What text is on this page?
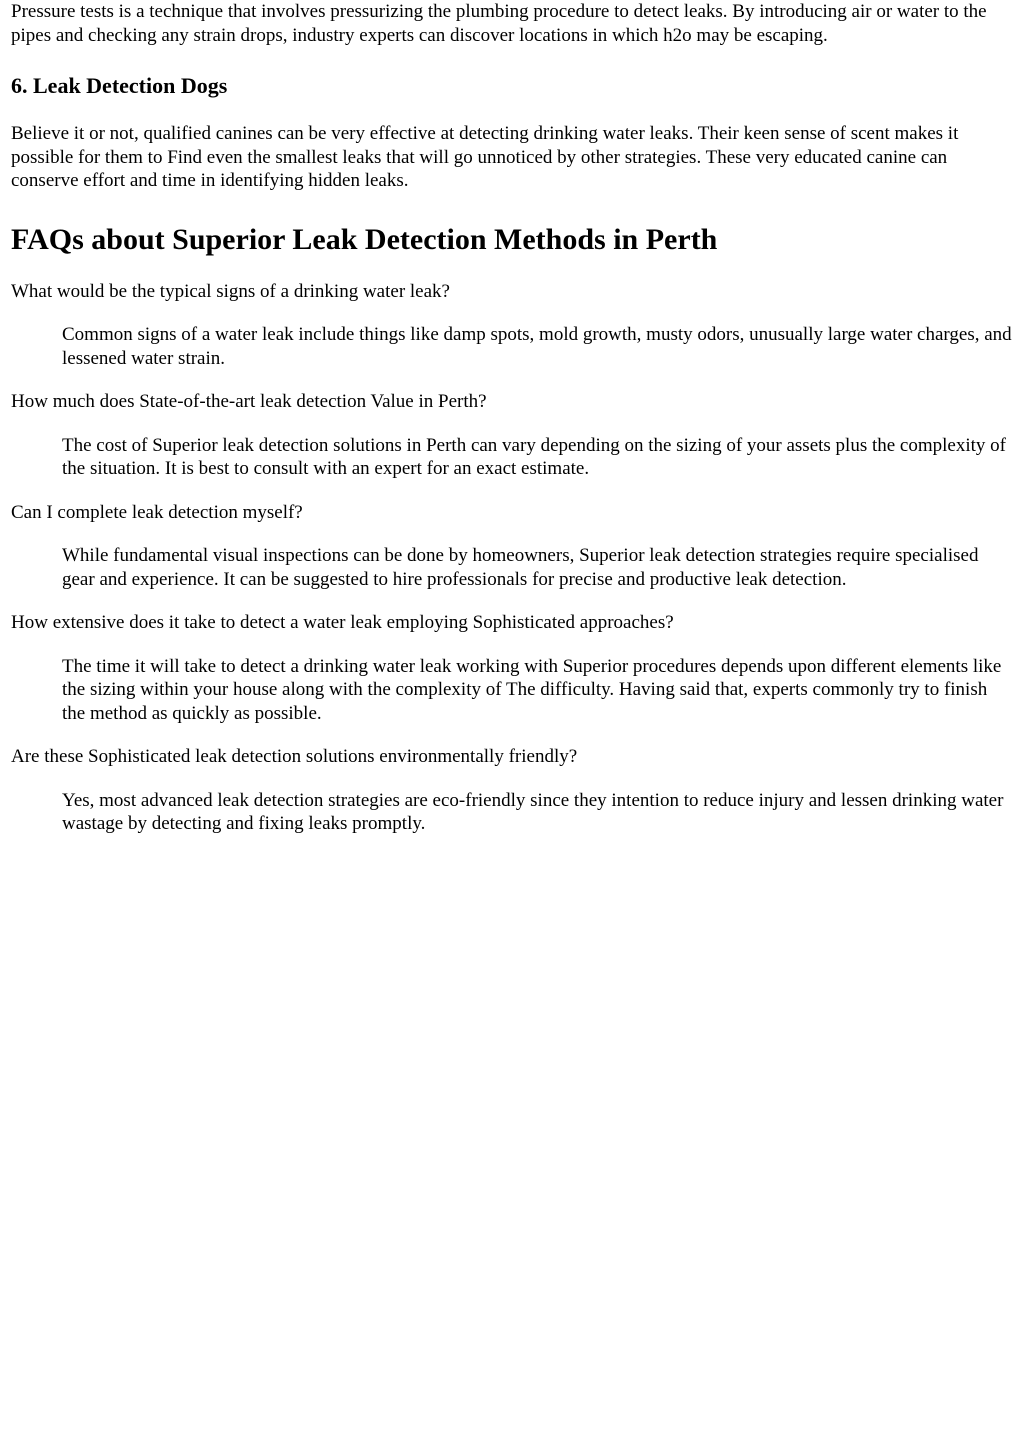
Pressure tests is a technique that involves pressurizing the plumbing procedure to detect leaks. By introducing air or water to the pipes and checking any strain drops, industry experts can discover locations in which h2o may be escaping.

6. Leak Detection Dogs

Believe it or not, qualified canines can be very effective at detecting drinking water leaks. Their keen sense of scent makes it possible for them to Find even the smallest leaks that will go unnoticed by other strategies. These very educated canine can conserve effort and time in identifying hidden leaks.

FAQs about Superior Leak Detection Methods in Perth
What would be the typical signs of a drinking water leak?
Common signs of a water leak include things like damp spots, mold growth, musty odors, unusually large water charges, and lessened water strain.
How much does State-of-the-art leak detection Value in Perth?
The cost of Superior leak detection solutions in Perth can vary depending on the sizing of your assets plus the complexity of the situation. It is best to consult with an expert for an exact estimate.
Can I complete leak detection myself?
While fundamental visual inspections can be done by homeowners, Superior leak detection strategies require specialised gear and experience. It can be suggested to hire professionals for precise and productive leak detection.
How extensive does it take to detect a water leak employing Sophisticated approaches?
The time it will take to detect a drinking water leak working with Superior procedures depends upon different elements like the sizing within your house along with the complexity of The difficulty. Having said that, experts commonly try to finish the method as quickly as possible.
Are these Sophisticated leak detection solutions environmentally friendly?
Yes, most advanced leak detection strategies are eco-friendly since they intention to reduce injury and lessen drinking water wastage by detecting and fixing leaks promptly.
